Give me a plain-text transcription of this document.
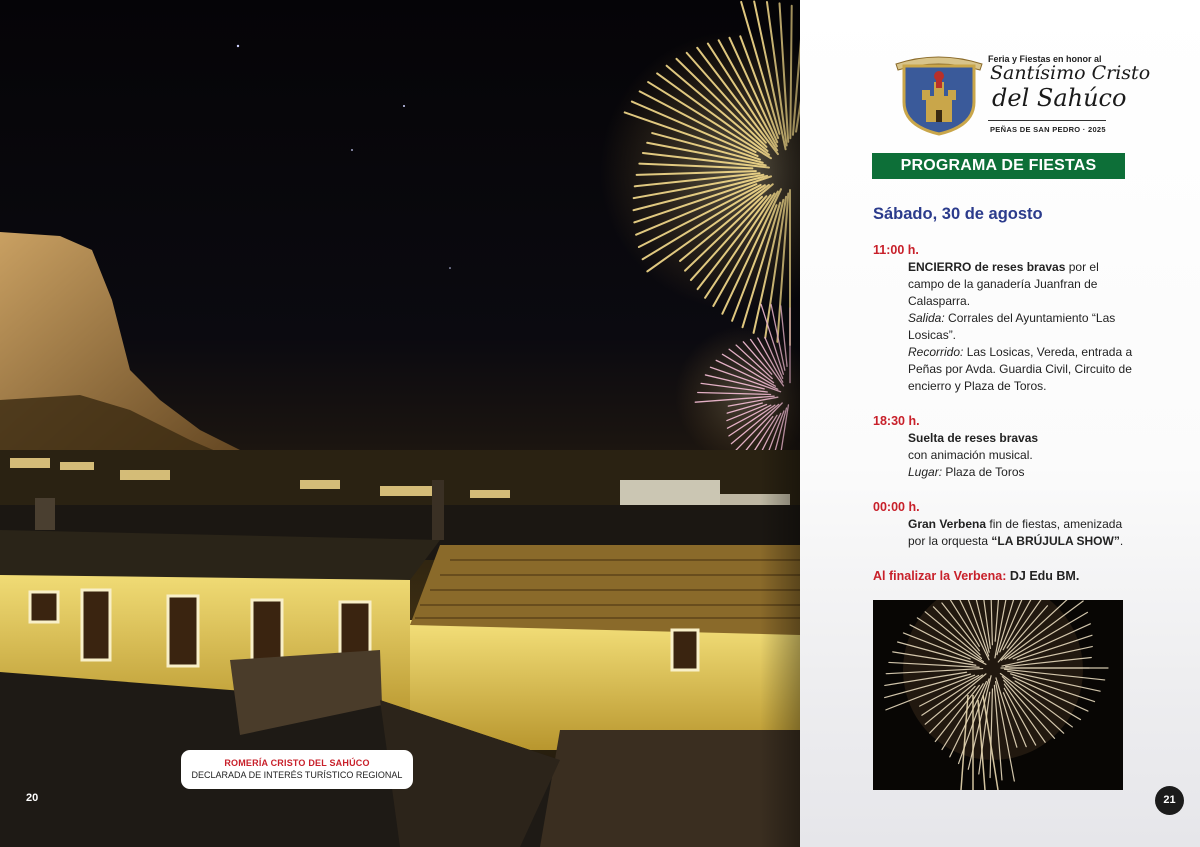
ROMERÍA CRISTO DEL SAHÚCO
DECLARADA DE INTERÉS TURÍSTICO REGIONAL
20
Feria y Fiestas en honor al
Santísimo Cristo
del Sahúco
PEÑAS DE SAN PEDRO · 2025
PROGRAMA DE FIESTAS
Sábado, 30 de agosto
11:00 h.
ENCIERRO de reses bravas por el campo de la ganadería Juanfran de Calasparra.
Salida: Corrales del Ayuntamiento “Las Losicas”.
Recorrido: Las Losicas, Vereda, entrada a Peñas por Avda. Guardia Civil, Circuito de encierro y Plaza de Toros.
18:30 h.
Suelta de reses bravas
con animación musical.
Lugar: Plaza de Toros
00:00 h.
Gran Verbena fin de fiestas, amenizada por la orquesta “LA BRÚJULA SHOW”.
Al finalizar la Verbena: DJ Edu BM.
21
